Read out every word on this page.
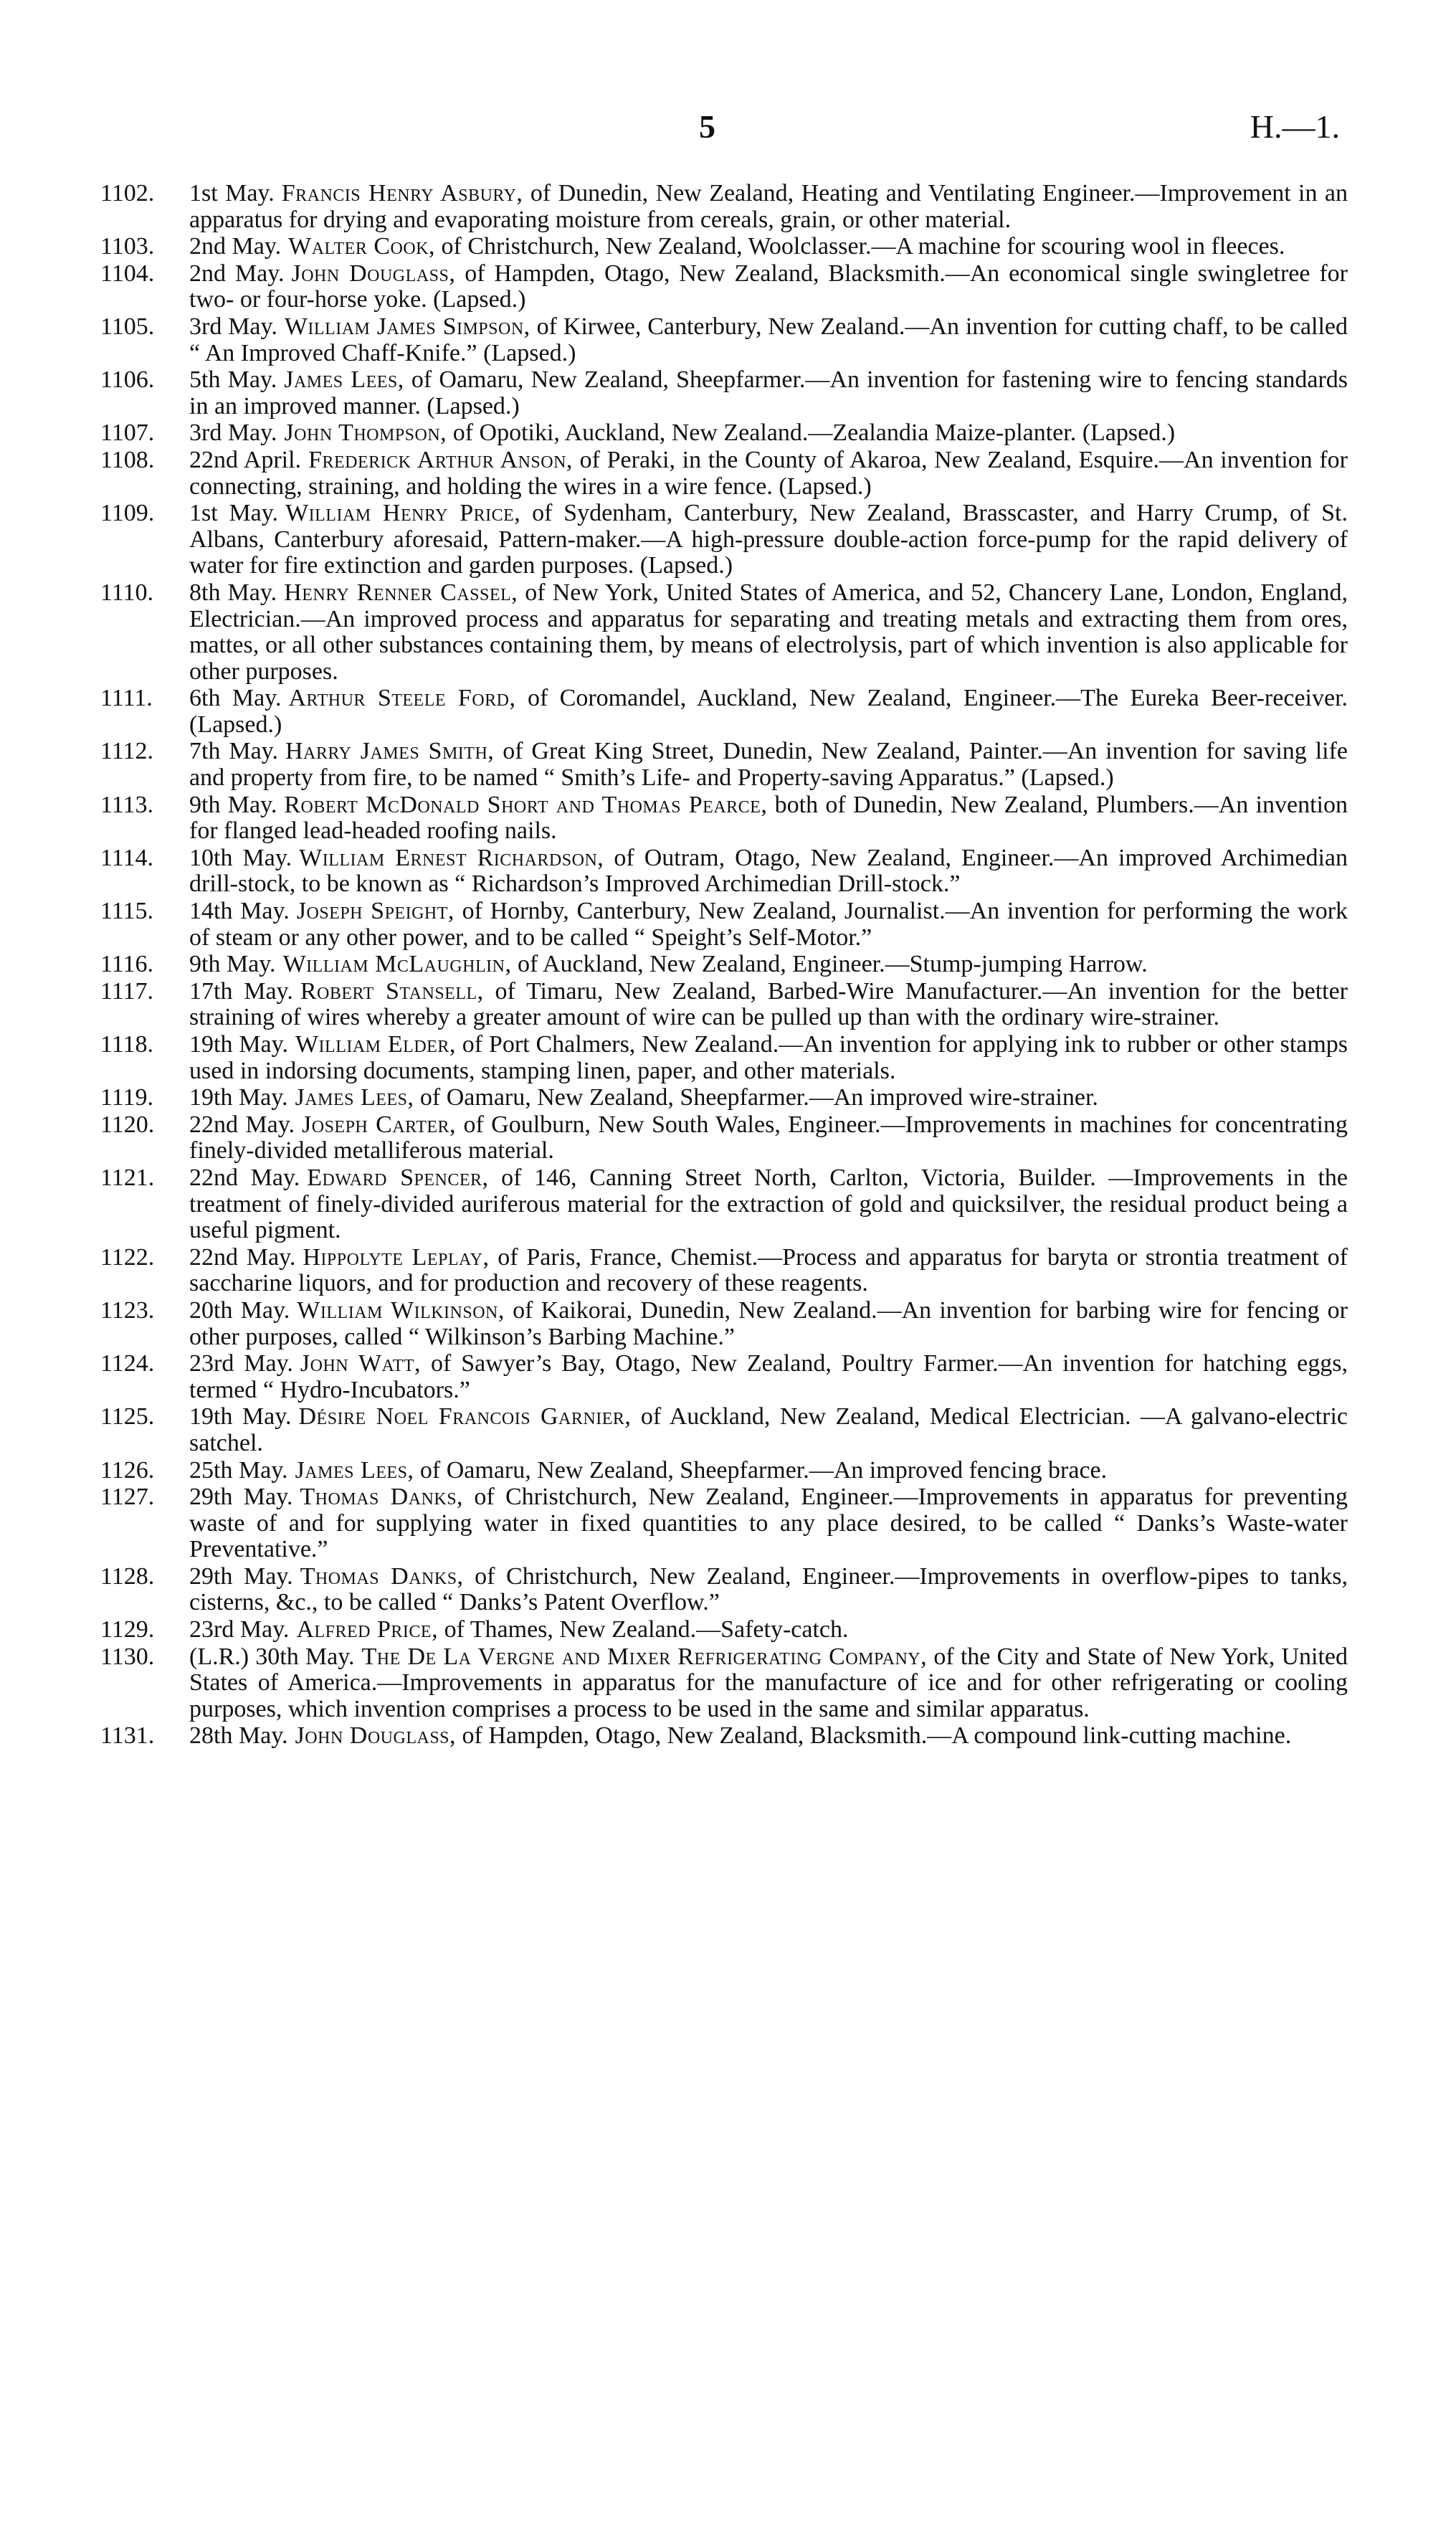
5	H.—1.
1102.	1st May. Francis Henry Asbury, of Dunedin, New Zealand, Heating and Ventilating Engineer.—Improvement in an apparatus for drying and evaporating moisture from cereals, grain, or other material.
1103.	2nd May. Walter Cook, of Christchurch, New Zealand, Woolclasser.—A machine for scouring wool in fleeces.
1104.	2nd May. John Douglass, of Hampden, Otago, New Zealand, Blacksmith.—An economical single swingletree for two- or four-horse yoke. (Lapsed.)
1105.	3rd May. William James Simpson, of Kirwee, Canterbury, New Zealand.—An invention for cutting chaff, to be called “ An Improved Chaff-Knife.” (Lapsed.)
1106.	5th May. James Lees, of Oamaru, New Zealand, Sheepfarmer.—An invention for fastening wire to fencing standards in an improved manner. (Lapsed.)
1107.	3rd May. John Thompson, of Opotiki, Auckland, New Zealand.—Zealandia Maize-planter. (Lapsed.)
1108.	22nd April. Frederick Arthur Anson, of Peraki, in the County of Akaroa, New Zealand, Esquire.—An invention for connecting, straining, and holding the wires in a wire fence. (Lapsed.)
1109.	1st May. William Henry Price, of Sydenham, Canterbury, New Zealand, Brasscaster, and Harry Crump, of St. Albans, Canterbury aforesaid, Pattern-maker.—A high-pressure double-action force-pump for the rapid delivery of water for fire extinction and garden purposes. (Lapsed.)
1110.	8th May. Henry Renner Cassel, of New York, United States of America, and 52, Chancery Lane, London, England, Electrician.—An improved process and apparatus for separating and treating metals and extracting them from ores, mattes, or all other substances containing them, by means of electrolysis, part of which invention is also applicable for other purposes.
1111.	6th May. Arthur Steele Ford, of Coromandel, Auckland, New Zealand, Engineer.—The Eureka Beer-receiver. (Lapsed.)
1112.	7th May. Harry James Smith, of Great King Street, Dunedin, New Zealand, Painter.—An invention for saving life and property from fire, to be named “ Smith’s Life- and Property-saving Apparatus.” (Lapsed.)
1113.	9th May. Robert McDonald Short and Thomas Pearce, both of Dunedin, New Zealand, Plumbers.—An invention for flanged lead-headed roofing nails.
1114.	10th May. William Ernest Richardson, of Outram, Otago, New Zealand, Engineer.—An improved Archimedian drill-stock, to be known as “ Richardson’s Improved Archimedian Drill-stock.”
1115.	14th May. Joseph Speight, of Hornby, Canterbury, New Zealand, Journalist.—An invention for performing the work of steam or any other power, and to be called “ Speight’s Self-Motor.”
1116.	9th May. William McLaughlin, of Auckland, New Zealand, Engineer.—Stump-jumping Harrow.
1117.	17th May. Robert Stansell, of Timaru, New Zealand, Barbed-Wire Manufacturer.—An invention for the better straining of wires whereby a greater amount of wire can be pulled up than with the ordinary wire-strainer.
1118.	19th May. William Elder, of Port Chalmers, New Zealand.—An invention for applying ink to rubber or other stamps used in indorsing documents, stamping linen, paper, and other materials.
1119.	19th May. James Lees, of Oamaru, New Zealand, Sheepfarmer.—An improved wire-strainer.
1120.	22nd May. Joseph Carter, of Goulburn, New South Wales, Engineer.—Improvements in machines for concentrating finely-divided metalliferous material.
1121.	22nd May. Edward Spencer, of 146, Canning Street North, Carlton, Victoria, Builder. —Improvements in the treatment of finely-divided auriferous material for the extraction of gold and quicksilver, the residual product being a useful pigment.
1122.	22nd May. Hippolyte Leplay, of Paris, France, Chemist.—Process and apparatus for baryta or strontia treatment of saccharine liquors, and for production and recovery of these reagents.
1123.	20th May. William Wilkinson, of Kaikorai, Dunedin, New Zealand.—An invention for barbing wire for fencing or other purposes, called “ Wilkinson’s Barbing Machine.”
1124.	23rd May. John Watt, of Sawyer’s Bay, Otago, New Zealand, Poultry Farmer.—An invention for hatching eggs, termed “ Hydro-Incubators.”
1125.	19th May. Désire Noel Francois Garnier, of Auckland, New Zealand, Medical Electrician. —A galvano-electric satchel.
1126.	25th May. James Lees, of Oamaru, New Zealand, Sheepfarmer.—An improved fencing brace.
1127.	29th May. Thomas Danks, of Christchurch, New Zealand, Engineer.—Improvements in apparatus for preventing waste of and for supplying water in fixed quantities to any place desired, to be called “ Danks’s Waste-water Preventative.”
1128.	29th May. Thomas Danks, of Christchurch, New Zealand, Engineer.—Improvements in overflow-pipes to tanks, cisterns, &c., to be called “ Danks’s Patent Overflow.”
1129.	23rd May. Alfred Price, of Thames, New Zealand.—Safety-catch.
1130.	(L.R.) 30th May. The De La Vergne and Mixer Refrigerating Company, of the City and State of New York, United States of America.—Improvements in apparatus for the manufacture of ice and for other refrigerating or cooling purposes, which invention comprises a process to be used in the same and similar apparatus.
1131.	28th May. John Douglass, of Hampden, Otago, New Zealand, Blacksmith.—A compound link-cutting machine.
